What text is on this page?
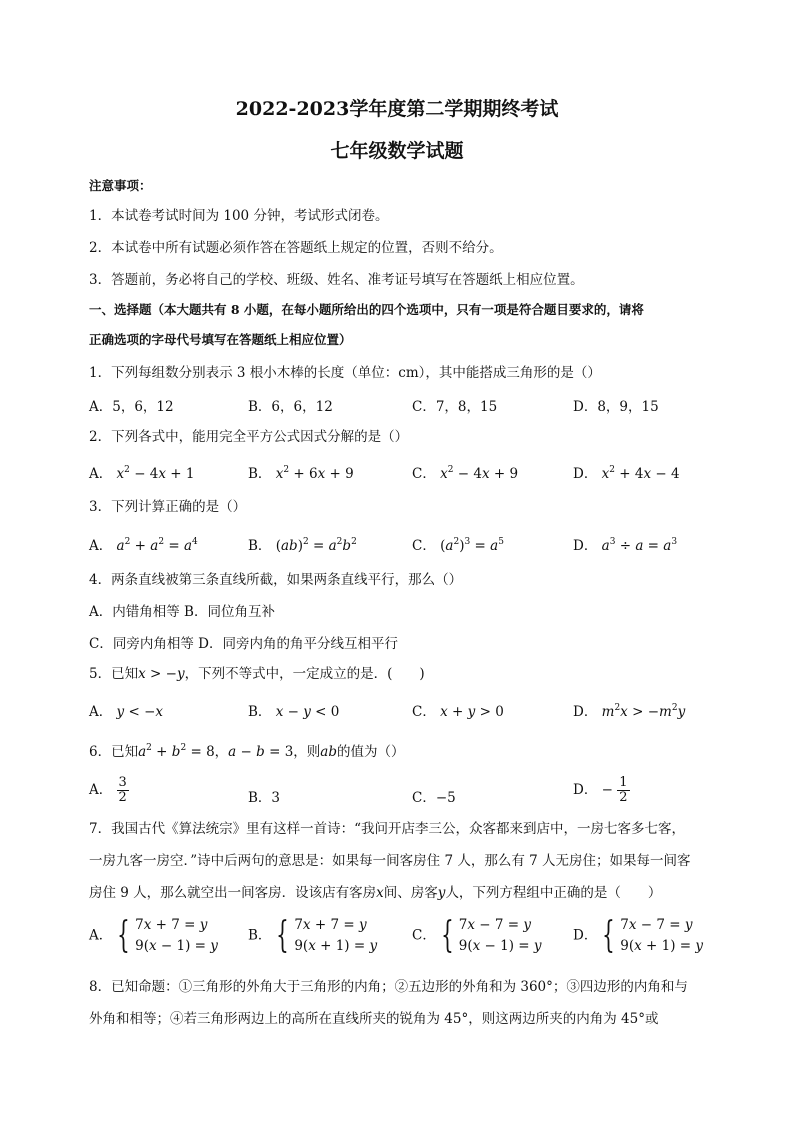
2022-2023学年度第二学期期终考试
七年级数学试题
注意事项：
1．本试卷考试时间为 100 分钟，考试形式闭卷。
2．本试卷中所有试题必须作答在答题纸上规定的位置，否则不给分。
3．答题前，务必将自己的学校、班级、姓名、准考证号填写在答题纸上相应位置。
一、选择题（本大题共有 8 小题，在每小题所给出的四个选项中，只有一项是符合题目要求的，请将
正确选项的字母代号填写在答题纸上相应位置）
1．下列每组数分别表示 3 根小木棒的长度（单位：cm），其中能搭成三角形的是（）
A．5，6，12	B．6，6，12	C．7，8，15	D．8，9，15
2．下列各式中，能用完全平方公式因式分解的是（）
A． $x^2 - 4x + 1$	B． $x^2 + 6x + 9$	C． $x^2 - 4x + 9$	D． $x^2 + 4x - 4$
3．下列计算正确的是（）
A． $a^2 + a^2 = a^4$	B． $(ab)^2 = a^2b^2$	C． $(a^2)^3 = a^5$	D． $a^3 \div a = a^3$
4．两条直线被第三条直线所截，如果两条直线平行，那么（）
A．内错角相等 B．同位角互补
C．同旁内角相等 D．同旁内角的角平分线互相平行
5．已知x > −y，下列不等式中，一定成立的是．(　　)
A． y < −x	B． x − y < 0	C． x + y > 0	D． $m^2x > -m^2y$
6．已知$a^2 + b^2 = 8$，a − b = 3，则ab的值为（）
A． $\frac{3}{2}$	B．3	C．−5	D． − $\frac{1}{2}$
7．我国古代《算法统宗》里有这样一首诗：“我问开店李三公，众客都来到店中，一房七客多七客，
一房九客一房空．”诗中后两句的意思是：如果每一间客房住 7 人，那么有 7 人无房住；如果每一间客
房住 9 人，那么就空出一间客房．设该店有客房x间、房客y人，下列方程组中正确的是（　　）
A． { 7x + 7 = y
9(x − 1) = y
B． { 7x + 7 = y
9(x + 1) = y
C． { 7x − 7 = y
9(x − 1) = y
D． { 7x − 7 = y
9(x + 1) = y
8．已知命题：①三角形的外角大于三角形的内角；②五边形的外角和为 360°；③四边形的内角和与
外角和相等；④若三角形两边上的高所在直线所夹的锐角为 45°，则这两边所夹的内角为 45°或
